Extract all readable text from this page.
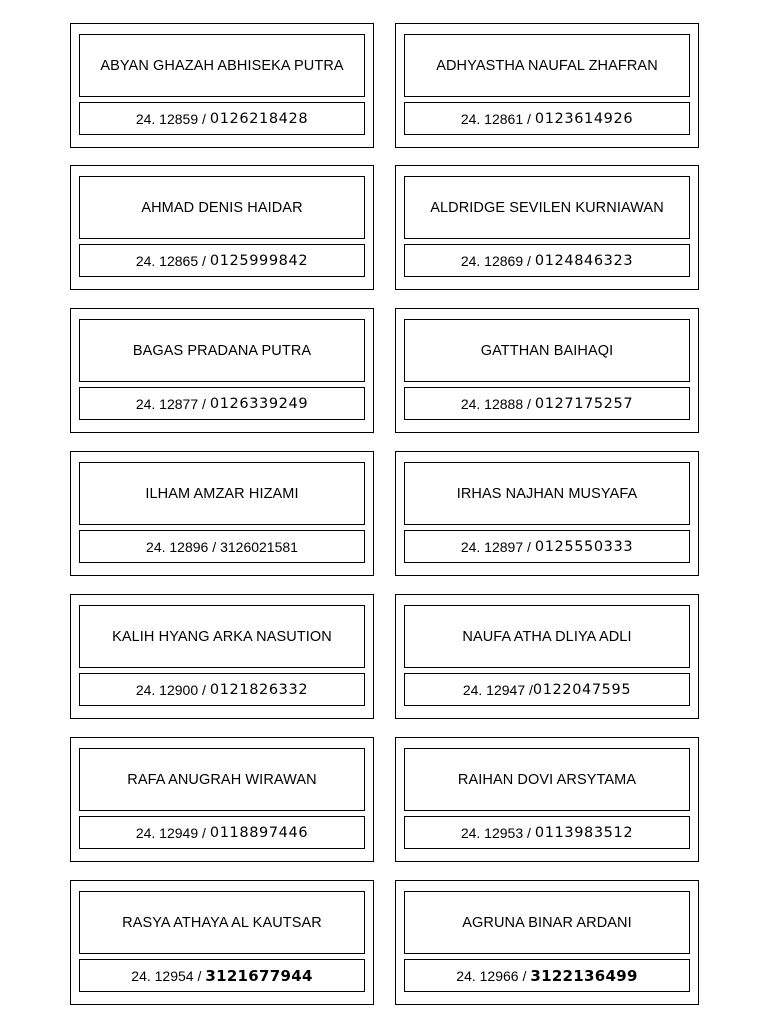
ABYAN GHAZAH ABHISEKA PUTRA
24. 12859 / 0126218428
ADHYASTHA NAUFAL ZHAFRAN
24. 12861 / 0123614926
AHMAD DENIS HAIDAR
24. 12865 / 0125999842
ALDRIDGE SEVILEN KURNIAWAN
24. 12869 / 0124846323
BAGAS PRADANA PUTRA
24. 12877 / 0126339249
GATTHAN BAIHAQI
24. 12888 / 0127175257
ILHAM AMZAR HIZAMI
24. 12896 / 3126021581
IRHAS NAJHAN MUSYAFA
24. 12897 / 0125550333
KALIH HYANG ARKA NASUTION
24. 12900 / 0121826332
NAUFA ATHA DLIYA ADLI
24. 12947 / 0122047595
RAFA ANUGRAH WIRAWAN
24. 12949 / 0118897446
RAIHAN DOVI ARSYTAMA
24. 12953 / 0113983512
RASYA ATHAYA AL KAUTSAR
24. 12954 / 3121677944
AGRUNA BINAR ARDANI
24. 12966 / 3122136499
